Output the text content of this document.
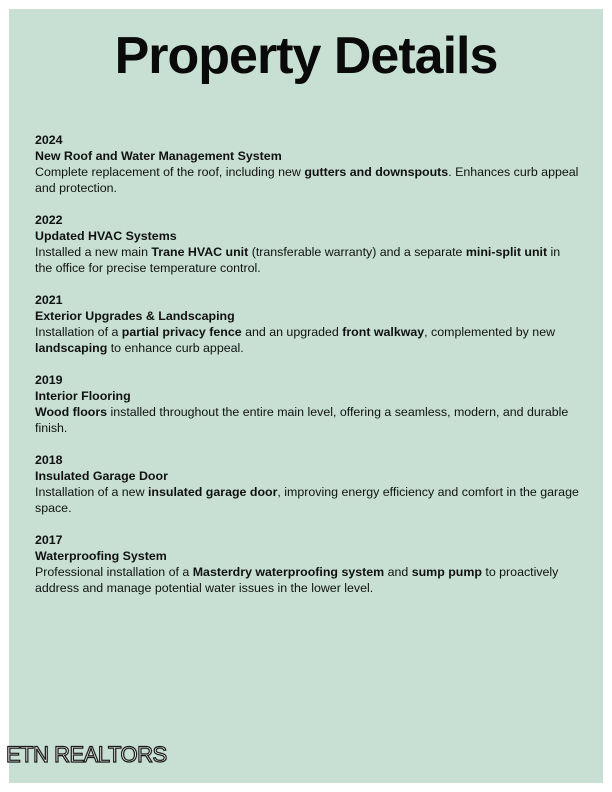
Property Details
2024
New Roof and Water Management System
Complete replacement of the roof, including new gutters and downspouts. Enhances curb appeal and protection.
2022
Updated HVAC Systems
Installed a new main Trane HVAC unit (transferable warranty) and a separate mini-split unit in the office for precise temperature control.
2021
Exterior Upgrades & Landscaping
Installation of a partial privacy fence and an upgraded front walkway, complemented by new landscaping to enhance curb appeal.
2019
Interior Flooring
Wood floors installed throughout the entire main level, offering a seamless, modern, and durable finish.
2018
Insulated Garage Door
Installation of a new insulated garage door, improving energy efficiency and comfort in the garage space.
2017
Waterproofing System
Professional installation of a Masterdry waterproofing system and sump pump to proactively address and manage potential water issues in the lower level.
ETN REALTORS
